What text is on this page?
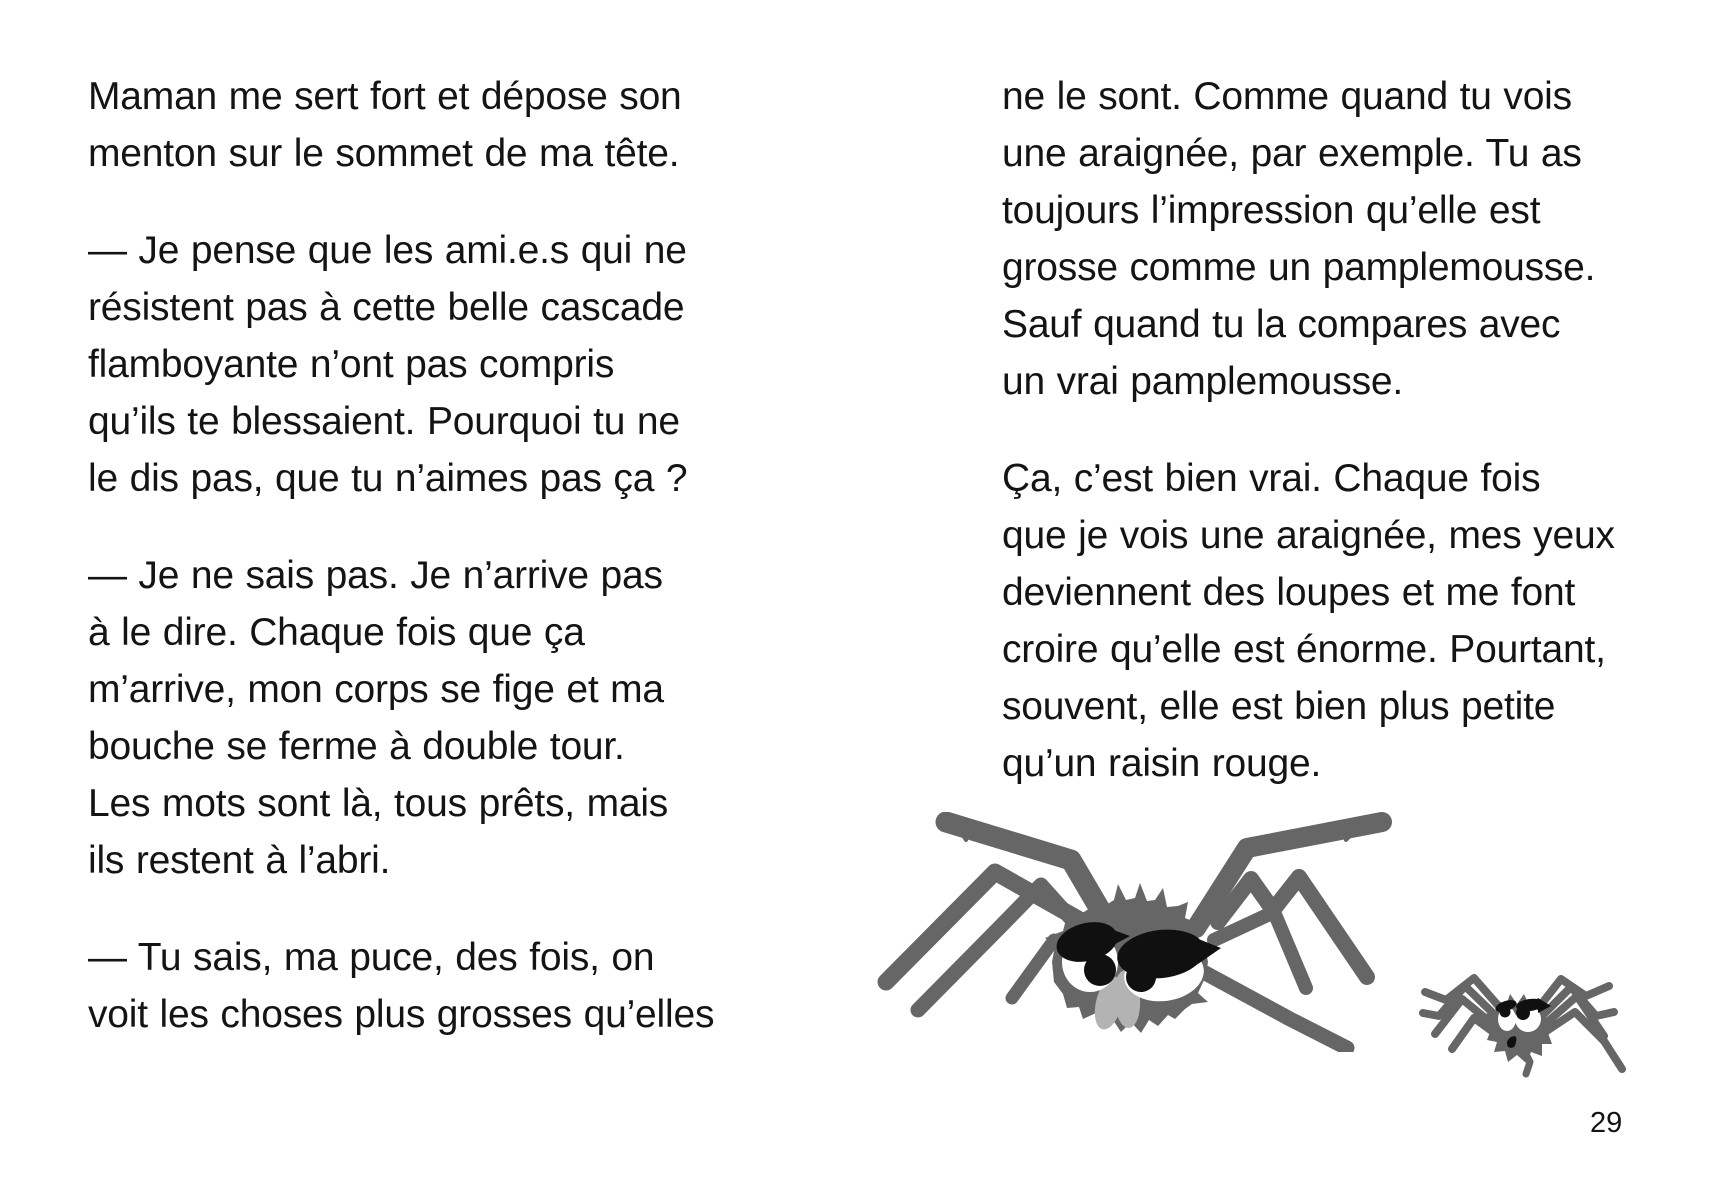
Maman me sert fort et dépose son
menton sur le sommet de ma tête.
— Je pense que les ami.e.s qui ne
résistent pas à cette belle cascade
flamboyante n’ont pas compris
qu’ils te blessaient. Pourquoi tu ne
le dis pas, que tu n’aimes pas ça ?
— Je ne sais pas. Je n’arrive pas
à le dire. Chaque fois que ça
m’arrive, mon corps se fige et ma
bouche se ferme à double tour.
Les mots sont là, tous prêts, mais
ils restent à l’abri.
— Tu sais, ma puce, des fois, on
voit les choses plus grosses qu’elles
ne le sont. Comme quand tu vois
une araignée, par exemple. Tu as
toujours l’impression qu’elle est
grosse comme un pamplemousse.
Sauf quand tu la compares avec
un vrai pamplemousse.
Ça, c’est bien vrai. Chaque fois
que je vois une araignée, mes yeux
deviennent des loupes et me font
croire qu’elle est énorme. Pourtant,
souvent, elle est bien plus petite
qu’un raisin rouge.
29
